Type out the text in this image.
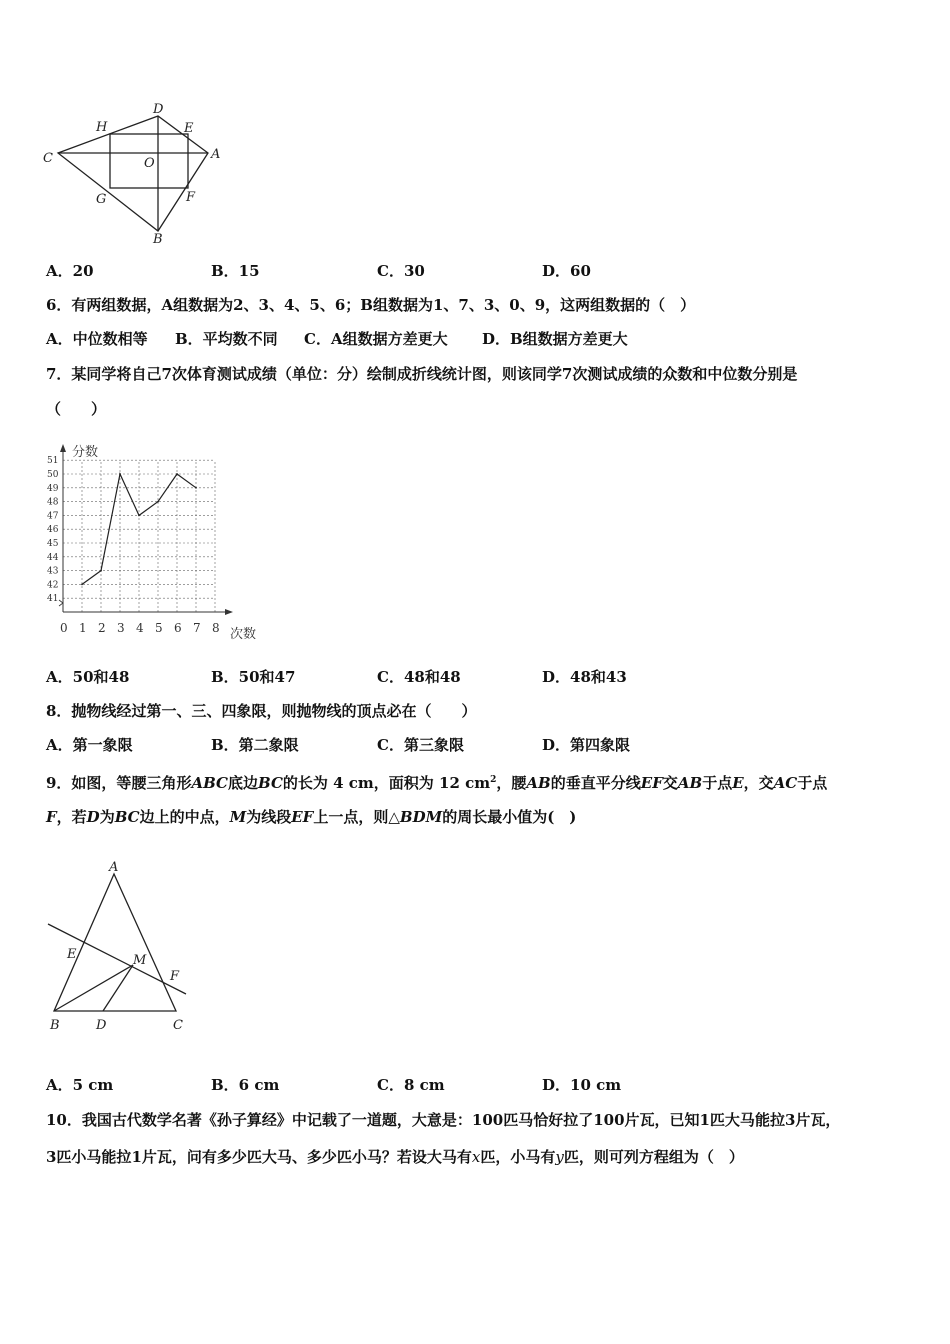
H
D
E
C	O
A
G	F
B
A．20	B．15	C．30	D．60
6．有两组数据，A组数据为2、3、4、5、6；B组数据为1、7、3、0、9，这两组数据的（　）
A．中位数相等 B．平均数不同 C．A组数据方差更大 D．B组数据方差更大
7．某同学将自己7次体育测试成绩（单位：分）绘制成折线统计图，则该同学7次测试成绩的众数和中位数分别是
（　　）
0 1 2 3 4 5 6 7 8
41
42
43
44
45
46
47
48
49
50
51
分数
次数
A．50和48	B．50和47	C．48和48	D．48和43
8．抛物线经过第一、三、四象限，则抛物线的顶点必在（　　）
A．第一象限	B．第二象限	C．第三象限	D．第四象限
9．如图，等腰三角形ABC底边BC的长为 4 cm，面积为 12 $cm^2$，腰AB的垂直平分线EF交AB于点E，交AC于点
F，若D为BC边上的中点，M为线段EF上一点，则△BDM的周长最小值为(　)
A
E	M
F
B	D	C
A．5 cm	B．6 cm	C．8 cm	D．10 cm
10．我国古代数学名著《孙子算经》中记载了一道题，大意是：100匹马恰好拉了100片瓦，已知1匹大马能拉3片瓦，
3匹小马能拉1片瓦，问有多少匹大马、多少匹小马？若设大马有x匹，小马有y匹，则可列方程组为（　）
